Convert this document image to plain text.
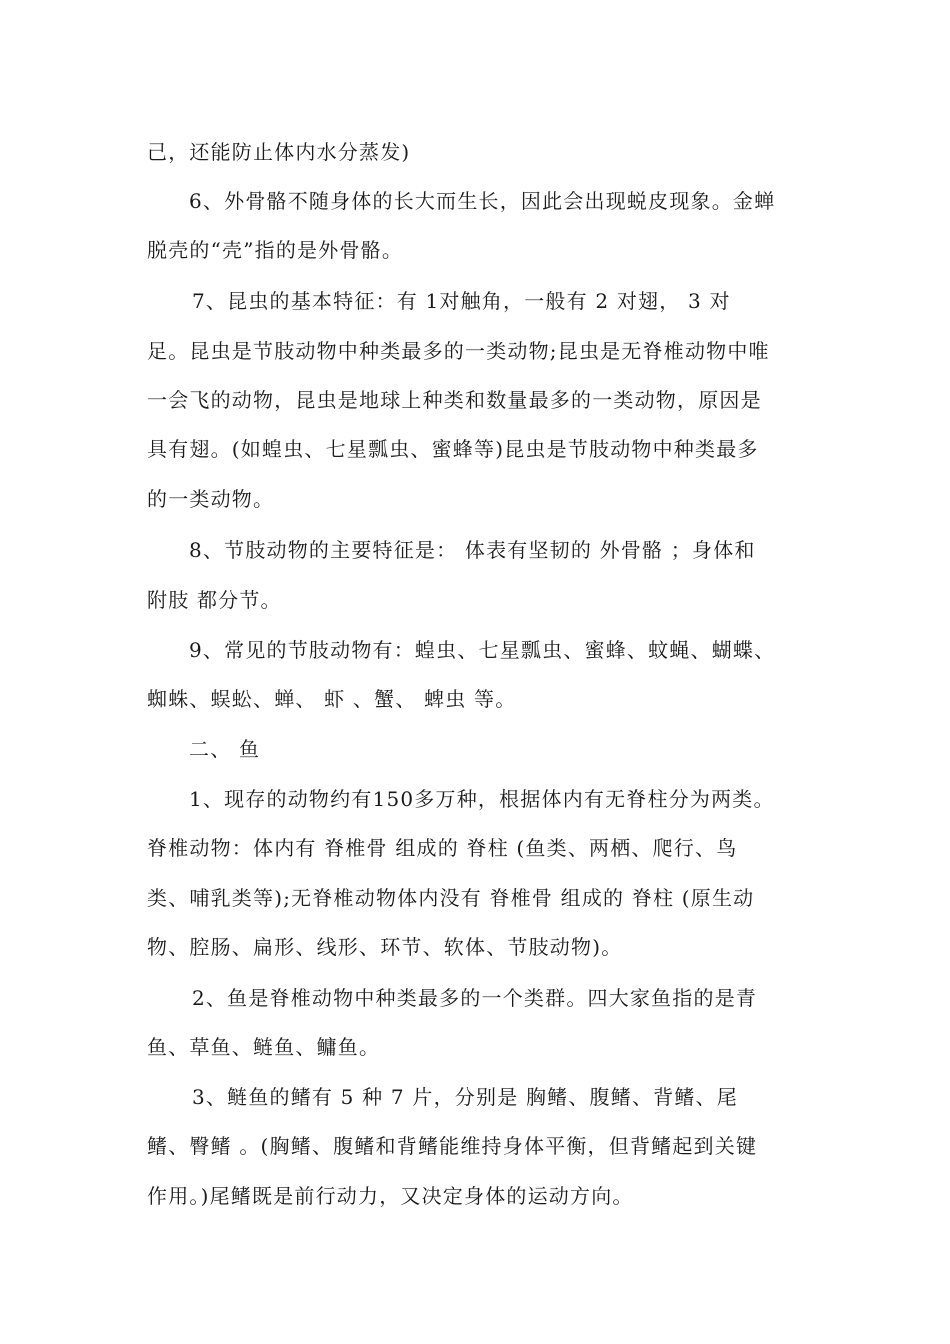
己，还能防止体内水分蒸发)
6、外骨骼不随身体的长大而生长，因此会出现蜕皮现象。金蝉
脱壳的“壳”指的是外骨骼。
7、昆虫的基本特征：有 1对触角，一般有 2 对翅， 3 对
足。昆虫是节肢动物中种类最多的一类动物;昆虫是无脊椎动物中唯
一会飞的动物，昆虫是地球上种类和数量最多的一类动物，原因是
具有翅。(如蝗虫、七星瓢虫、蜜蜂等)昆虫是节肢动物中种类最多
的一类动物。
8、节肢动物的主要特征是： 体表有坚韧的 外骨骼 ；身体和
附肢 都分节。
9、常见的节肢动物有：蝗虫、七星瓢虫、蜜蜂、蚊蝇、蝴蝶、
蜘蛛、蜈蚣、蝉、 虾 、蟹、 蜱虫 等。
二、 鱼
1、现存的动物约有150多万种，根据体内有无脊柱分为两类。
脊椎动物：体内有 脊椎骨 组成的 脊柱 (鱼类、两栖、爬行、鸟
类、哺乳类等);无脊椎动物体内没有 脊椎骨 组成的 脊柱 (原生动
物、腔肠、扁形、线形、环节、软体、节肢动物)。
2、鱼是脊椎动物中种类最多的一个类群。四大家鱼指的是青
鱼、草鱼、鲢鱼、鳙鱼。
3、鲢鱼的鳍有 5 种 7 片，分别是 胸鳍、腹鳍、背鳍、尾
鳍、臀鳍 。(胸鳍、腹鳍和背鳍能维持身体平衡，但背鳍起到关键
作用。)尾鳍既是前行动力，又决定身体的运动方向。
